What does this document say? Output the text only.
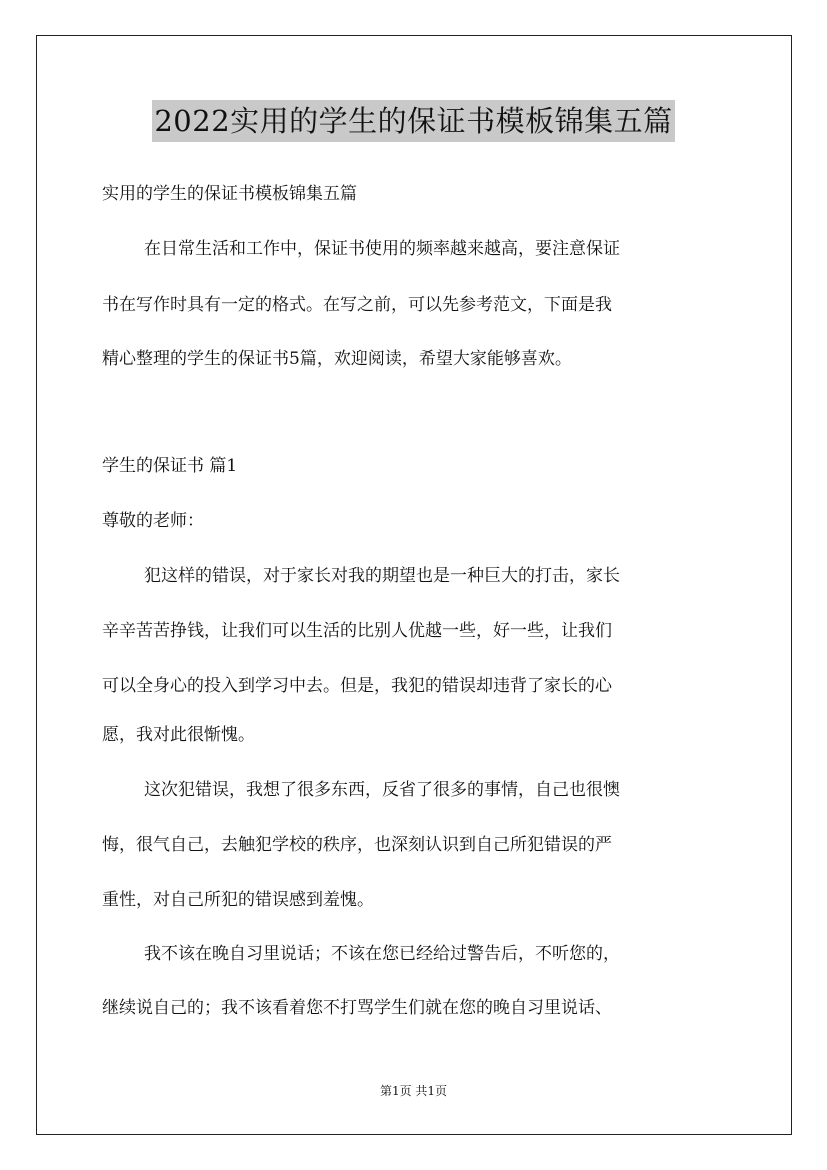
2022实用的学生的保证书模板锦集五篇

实用的学生的保证书模板锦集五篇

在日常生活和工作中，保证书使用的频率越来越高，要注意保证

书在写作时具有一定的格式。在写之前，可以先参考范文，下面是我

精心整理的学生的保证书5篇，欢迎阅读，希望大家能够喜欢。

学生的保证书 篇1

尊敬的老师：

犯这样的错误，对于家长对我的期望也是一种巨大的打击，家长

辛辛苦苦挣钱，让我们可以生活的比别人优越一些，好一些，让我们

可以全身心的投入到学习中去。但是，我犯的错误却违背了家长的心

愿，我对此很惭愧。

这次犯错误，我想了很多东西，反省了很多的事情，自己也很懊

悔，很气自己，去触犯学校的秩序，也深刻认识到自己所犯错误的严

重性，对自己所犯的错误感到羞愧。

我不该在晚自习里说话；不该在您已经给过警告后，不听您的，

继续说自己的；我不该看着您不打骂学生们就在您的晚自习里说话、

第1页 共1页
